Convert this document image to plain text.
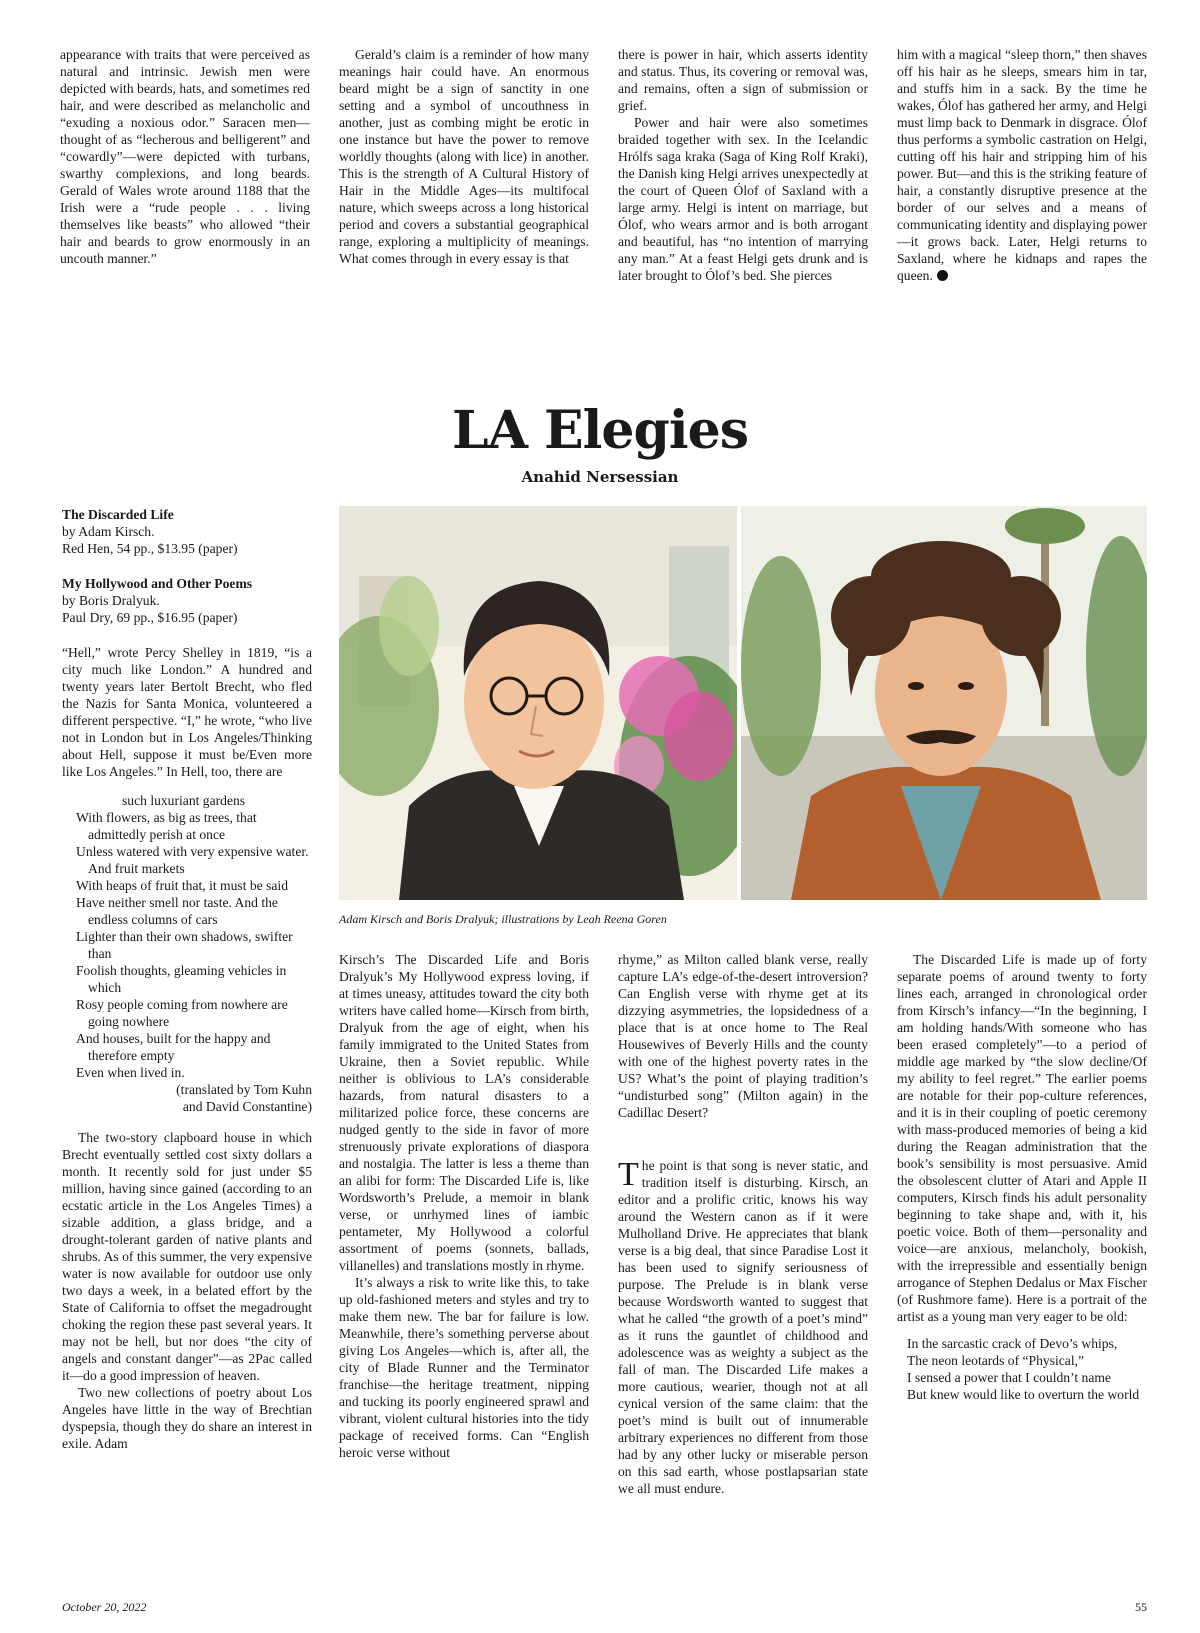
appearance with traits that were perceived as natural and intrinsic. Jewish men were depicted with beards, hats, and sometimes red hair, and were described as melancholic and “exuding a noxious odor.” Saracen men—thought of as “lecherous and belligerent” and “cowardly”—were depicted with turbans, swarthy complexions, and long beards. Gerald of Wales wrote around 1188 that the Irish were a “rude people . . . living themselves like beasts” who allowed “their hair and beards to grow enormously in an uncouth manner.”

Gerald’s claim is a reminder of how many meanings hair could have. An enormous beard might be a sign of sanctity in one setting and a symbol of uncouthness in another, just as combing might be erotic in one instance but have the power to remove worldly thoughts (along with lice) in another. This is the strength of A Cultural History of Hair in the Middle Ages—its multifocal nature, which sweeps across a long historical period and covers a substantial geographical range, exploring a multiplicity of meanings. What comes through in every essay is that

there is power in hair, which asserts identity and status. Thus, its covering or removal was, and remains, often a sign of submission or grief.

Power and hair were also sometimes braided together with sex. In the Icelandic Hrólfs saga kraka (Saga of King Rolf Kraki), the Danish king Helgi arrives unexpectedly at the court of Queen Ólof of Saxland with a large army. Helgi is intent on marriage, but Ólof, who wears armor and is both arrogant and beautiful, has “no intention of marrying any man.” At a feast Helgi gets drunk and is later brought to Ólof’s bed. She pierces

him with a magical “sleep thorn,” then shaves off his hair as he sleeps, smears him in tar, and stuffs him in a sack. By the time he wakes, Ólof has gathered her army, and Helgi must limp back to Denmark in disgrace. Ólof thus performs a symbolic castration on Helgi, cutting off his hair and stripping him of his power. But—and this is the striking feature of hair, a constantly disruptive presence at the border of our selves and a means of communicating identity and displaying power—it grows back. Later, Helgi returns to Saxland, where he kidnaps and rapes the queen.

LA Elegies

Anahid Nersessian

The Discarded Life
by Adam Kirsch.
Red Hen, 54 pp., $13.95 (paper)
My Hollywood and Other Poems
by Boris Dralyuk.
Paul Dry, 69 pp., $16.95 (paper)

“Hell,” wrote Percy Shelley in 1819, “is a city much like London.” A hundred and twenty years later Bertolt Brecht, who fled the Nazis for Santa Monica, volunteered a different perspective. “I,” he wrote, “who live not in London but in Los Angeles/Thinking about Hell, suppose it must be/Even more like Los Angeles.” In Hell, too, there are

such luxuriant gardens
With flowers, as big as trees, that admittedly perish at once
Unless watered with very expensive water. And fruit markets
With heaps of fruit that, it must be said
Have neither smell nor taste. And the endless columns of cars
Lighter than their own shadows, swifter than
Foolish thoughts, gleaming vehicles in which
Rosy people coming from nowhere are going nowhere
And houses, built for the happy and therefore empty
Even when lived in.
(translated by Tom Kuhn
and David Constantine)

The two-story clapboard house in which Brecht eventually settled cost sixty dollars a month. It recently sold for just under $5 million, having since gained (according to an ecstatic article in the Los Angeles Times) a sizable addition, a glass bridge, and a drought-tolerant garden of native plants and shrubs. As of this summer, the very expensive water is now available for outdoor use only two days a week, in a belated effort by the State of California to offset the megadrought choking the region these past several years. It may not be hell, but nor does “the city of angels and constant danger”—as 2Pac called it—do a good impression of heaven.

Two new collections of poetry about Los Angeles have little in the way of Brechtian dyspepsia, though they do share an interest in exile. Adam

Adam Kirsch and Boris Dralyuk; illustrations by Leah Reena Goren

Kirsch’s The Discarded Life and Boris Dralyuk’s My Hollywood express loving, if at times uneasy, attitudes toward the city both writers have called home—Kirsch from birth, Dralyuk from the age of eight, when his family immigrated to the United States from Ukraine, then a Soviet republic. While neither is oblivious to LA’s considerable hazards, from natural disasters to a militarized police force, these concerns are nudged gently to the side in favor of more strenuously private explorations of diaspora and nostalgia. The latter is less a theme than an alibi for form: The Discarded Life is, like Wordsworth’s Prelude, a memoir in blank verse, or unrhymed lines of iambic pentameter, My Hollywood a colorful assortment of poems (sonnets, ballads, villanelles) and translations mostly in rhyme.

It’s always a risk to write like this, to take up old-fashioned meters and styles and try to make them new. The bar for failure is low. Meanwhile, there’s something perverse about giving Los Angeles—which is, after all, the city of Blade Runner and the Terminator franchise—the heritage treatment, nipping and tucking its poorly engineered sprawl and vibrant, violent cultural histories into the tidy package of received forms. Can “English heroic verse without

rhyme,” as Milton called blank verse, really capture LA’s edge-of-the-desert introversion? Can English verse with rhyme get at its dizzying asymmetries, the lopsidedness of a place that is at once home to The Real Housewives of Beverly Hills and the county with one of the highest poverty rates in the US? What’s the point of playing tradition’s “undisturbed song” (Milton again) in the Cadillac Desert?

The point is that song is never static, and tradition itself is disturbing. Kirsch, an editor and a prolific critic, knows his way around the Western canon as if it were Mulholland Drive. He appreciates that blank verse is a big deal, that since Paradise Lost it has been used to signify seriousness of purpose. The Prelude is in blank verse because Wordsworth wanted to suggest that what he called “the growth of a poet’s mind” as it runs the gauntlet of childhood and adolescence was as weighty a subject as the fall of man. The Discarded Life makes a more cautious, wearier, though not at all cynical version of the same claim: that the poet’s mind is built out of innumerable arbitrary experiences no different from those had by any other lucky or miserable person on this sad earth, whose postlapsarian state we all must endure.

The Discarded Life is made up of forty separate poems of around twenty to forty lines each, arranged in chronological order from Kirsch’s infancy—“In the beginning, I am holding hands/With someone who has been erased completely”—to a period of middle age marked by “the slow decline/Of my ability to feel regret.” The earlier poems are notable for their pop-culture references, and it is in their coupling of poetic ceremony with mass-produced memories of being a kid during the Reagan administration that the book’s sensibility is most persuasive. Amid the obsolescent clutter of Atari and Apple II computers, Kirsch finds his adult personality beginning to take shape and, with it, his poetic voice. Both of them—personality and voice—are anxious, melancholy, bookish, with the irrepressible and essentially benign arrogance of Stephen Dedalus or Max Fischer (of Rushmore fame). Here is a portrait of the artist as a young man very eager to be old:

In the sarcastic crack of Devo’s whips,
The neon leotards of “Physical,”
I sensed a power that I couldn’t name
But knew would like to overturn the world
October 20, 2022	55
